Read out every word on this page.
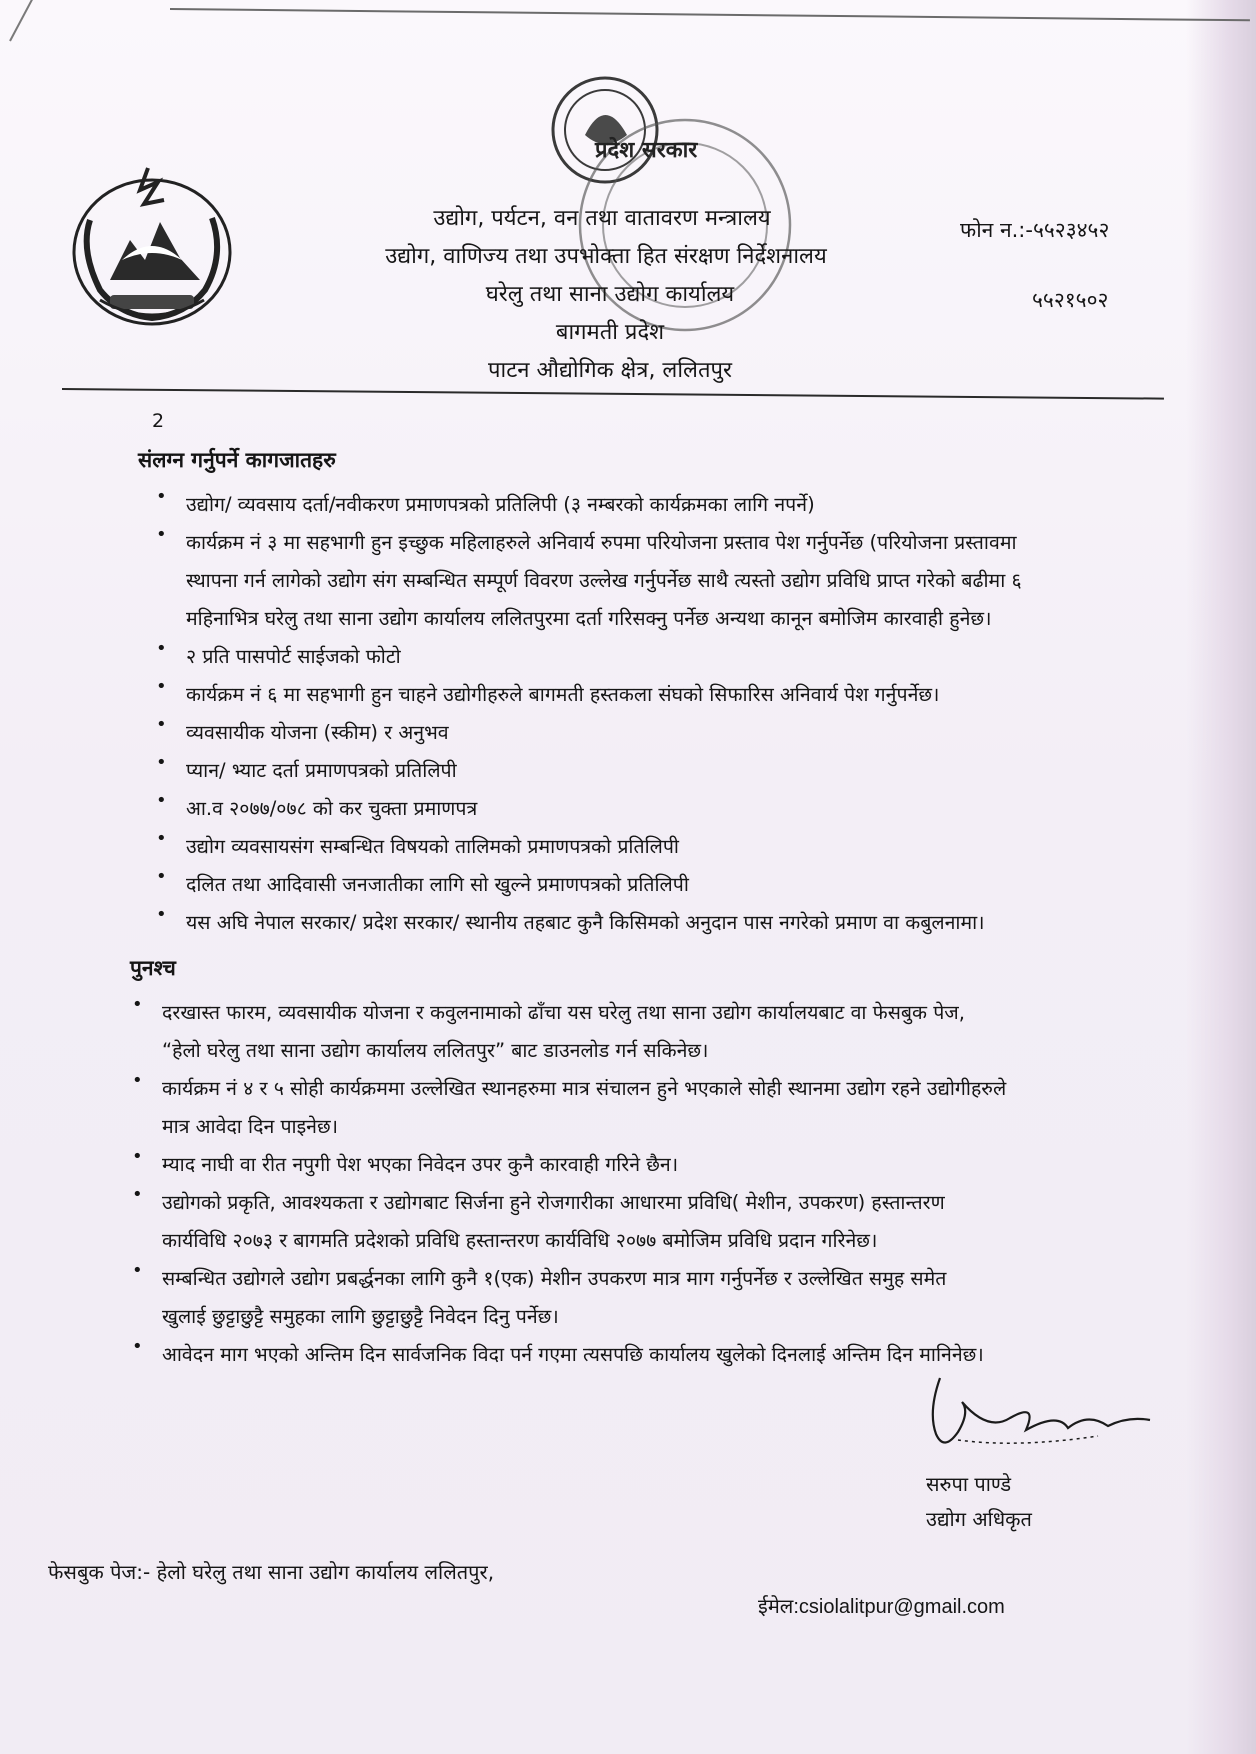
प्रदेश सरकार
उद्योग, पर्यटन, वन तथा वातावरण मन्त्रालय
उद्योग, वाणिज्य तथा उपभोक्ता हित संरक्षण निर्देशनालय
घरेलु तथा साना उद्योग कार्यालय
बागमती प्रदेश
पाटन औद्योगिक क्षेत्र, ललितपुर
फोन न.:-५५२३४५२
५५२१५०२
2
संलग्न गर्नुपर्ने कागजातहरु
• उद्योग/ व्यवसाय दर्ता/नवीकरण प्रमाणपत्रको प्रतिलिपी (३ नम्बरको कार्यक्रमका लागि नपर्ने)
• कार्यक्रम नं ३ मा सहभागी हुन इच्छुक महिलाहरुले अनिवार्य रुपमा परियोजना प्रस्ताव पेश गर्नुपर्नेछ (परियोजना प्रस्तावमा
स्थापना गर्न लागेको उद्योग संग सम्बन्धित सम्पूर्ण विवरण उल्लेख गर्नुपर्नेछ साथै त्यस्तो उद्योग प्रविधि प्राप्त गरेको बढीमा ६
महिनाभित्र घरेलु तथा साना उद्योग कार्यालय ललितपुरमा दर्ता गरिसक्नु पर्नेछ अन्यथा कानून बमोजिम कारवाही हुनेछ।
• २ प्रति पासपोर्ट साईजको फोटो
• कार्यक्रम नं ६ मा सहभागी हुन चाहने उद्योगीहरुले बागमती हस्तकला संघको सिफारिस अनिवार्य पेश गर्नुपर्नेछ।
• व्यवसायीक योजना (स्कीम) र अनुभव
• प्यान/ भ्याट दर्ता प्रमाणपत्रको प्रतिलिपी
• आ.व २०७७/०७८ को कर चुक्ता प्रमाणपत्र
• उद्योग व्यवसायसंग सम्बन्धित विषयको तालिमको प्रमाणपत्रको प्रतिलिपी
• दलित तथा आदिवासी जनजातीका लागि सो खुल्ने प्रमाणपत्रको प्रतिलिपी
• यस अघि नेपाल सरकार/ प्रदेश सरकार/ स्थानीय तहबाट कुनै किसिमको अनुदान पास नगरेको प्रमाण वा कबुलनामा।
पुनश्च
• दरखास्त फारम, व्यवसायीक योजना र कवुलनामाको ढाँचा यस घरेलु तथा साना उद्योग कार्यालयबाट वा फेसबुक पेज,
“हेलो घरेलु तथा साना उद्योग कार्यालय ललितपुर” बाट डाउनलोड गर्न सकिनेछ।
• कार्यक्रम नं ४ र ५ सोही कार्यक्रममा उल्लेखित स्थानहरुमा मात्र संचालन हुने भएकाले सोही स्थानमा उद्योग रहने उद्योगीहरुले
मात्र आवेदा दिन पाइनेछ।
• म्याद नाघी वा रीत नपुगी पेश भएका निवेदन उपर कुनै कारवाही गरिने छैन।
• उद्योगको प्रकृति, आवश्यकता र उद्योगबाट सिर्जना हुने रोजगारीका आधारमा प्रविधि( मेशीन, उपकरण) हस्तान्तरण
कार्यविधि २०७३ र बागमति प्रदेशको प्रविधि हस्तान्तरण कार्यविधि २०७७ बमोजिम प्रविधि प्रदान गरिनेछ।
• सम्बन्धित उद्योगले उद्योग प्रबर्द्धनका लागि कुनै १(एक) मेशीन उपकरण मात्र माग गर्नुपर्नेछ र उल्लेखित समुह समेत
खुलाई छुट्टाछुट्टै समुहका लागि छुट्टाछुट्टै निवेदन दिनु पर्नेछ।
• आवेदन माग भएको अन्तिम दिन सार्वजनिक विदा पर्न गएमा त्यसपछि कार्यालय खुलेको दिनलाई अन्तिम दिन मानिनेछ।
सरुपा पाण्डे
उद्योग अधिकृत
फेसबुक पेज:- हेलो घरेलु तथा साना उद्योग कार्यालय ललितपुर,
ईमेल:csiolalitpur@gmail.com
